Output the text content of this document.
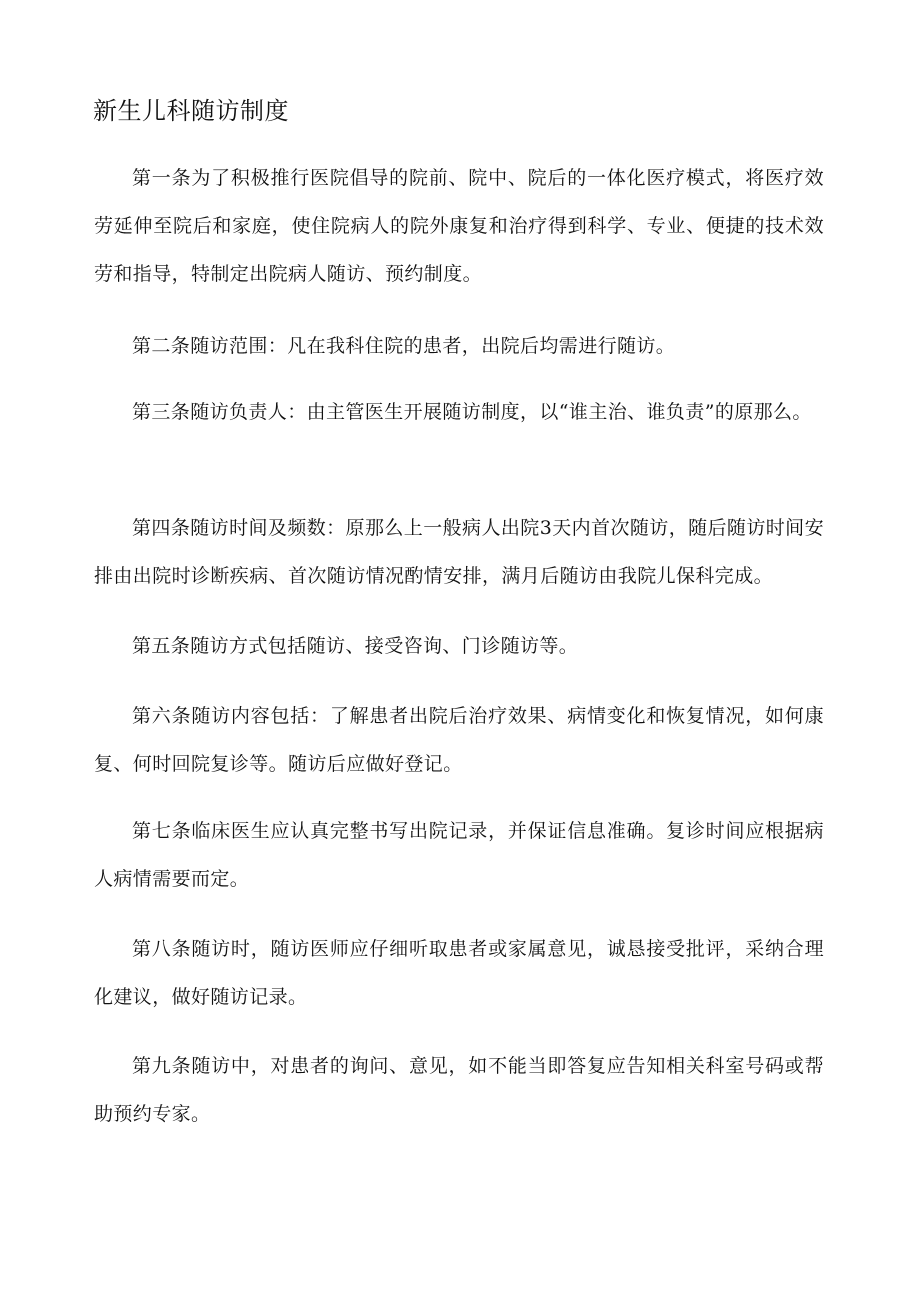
新生儿科随访制度

第一条为了积极推行医院倡导的院前、院中、院后的一体化医疗模式，将医疗效劳延伸至院后和家庭，使住院病人的院外康复和治疗得到科学、专业、便捷的技术效劳和指导，特制定出院病人随访、预约制度。

第二条随访范围：凡在我科住院的患者，出院后均需进行随访。

第三条随访负责人：由主管医生开展随访制度，以“谁主治、谁负责”的原那么。

第四条随访时间及频数：原那么上一般病人出院3天内首次随访，随后随访时间安排由出院时诊断疾病、首次随访情况酌情安排，满月后随访由我院儿保科完成。

第五条随访方式包括随访、接受咨询、门诊随访等。

第六条随访内容包括：了解患者出院后治疗效果、病情变化和恢复情况，如何康复、何时回院复诊等。随访后应做好登记。

第七条临床医生应认真完整书写出院记录，并保证信息准确。复诊时间应根据病人病情需要而定。

第八条随访时，随访医师应仔细听取患者或家属意见，诚恳接受批评，采纳合理化建议，做好随访记录。

第九条随访中，对患者的询问、意见，如不能当即答复应告知相关科室号码或帮助预约专家。
